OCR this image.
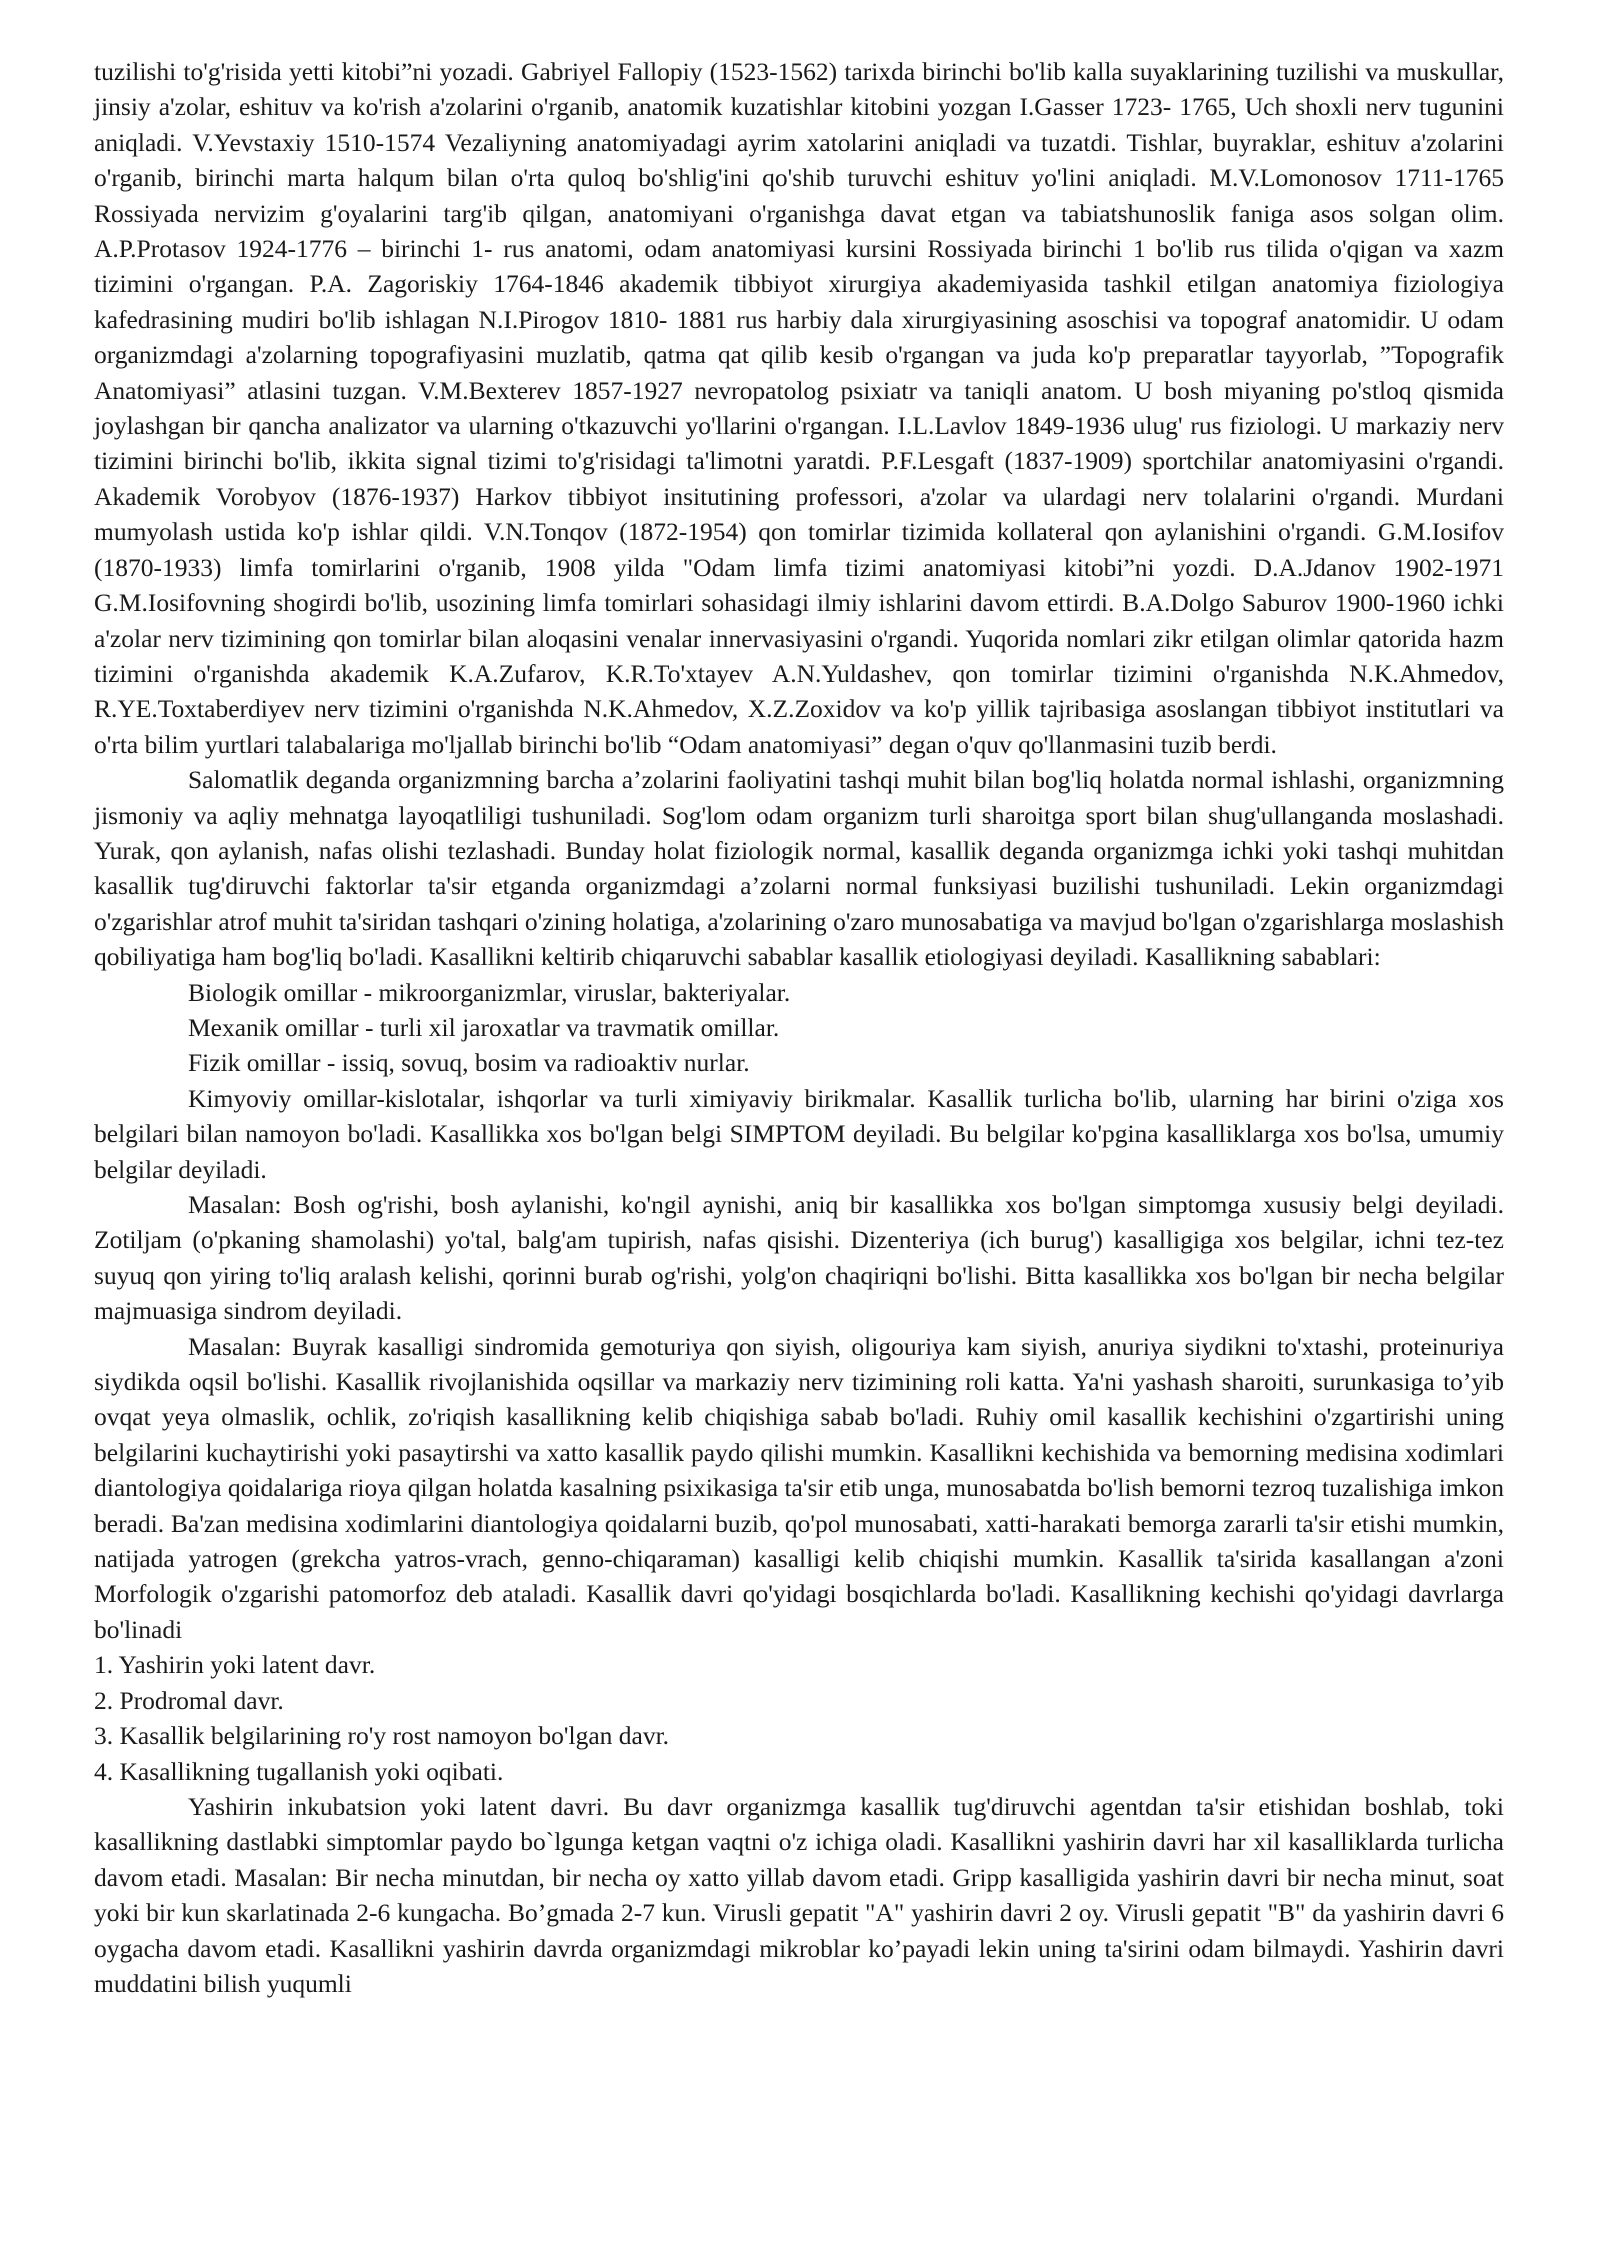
tuzilishi to'g'risida yetti kitobi”ni yozadi. Gabriyel Fallopiy (1523-1562) tarixda birinchi bo'lib kalla suyaklarining tuzilishi va muskullar, jinsiy a'zolar, eshituv va ko'rish a'zolarini o'rganib, anatomik kuzatishlar kitobini yozgan I.Gasser 1723- 1765, Uch shoxli nerv tugunini aniqladi. V.Yevstaxiy 1510-1574 Vezaliyning anatomiyadagi ayrim xatolarini aniqladi va tuzatdi. Tishlar, buyraklar, eshituv a'zolarini o'rganib, birinchi marta halqum bilan o'rta quloq bo'shlig'ini qo'shib turuvchi eshituv yo'lini aniqladi. M.V.Lomonosov 1711-1765 Rossiyada nervizim g'oyalarini targ'ib qilgan, anatomiyani o'rganishga davat etgan va tabiatshunoslik faniga asos solgan olim. A.P.Protasov 1924-1776 – birinchi 1- rus anatomi, odam anatomiyasi kursini Rossiyada birinchi 1 bo'lib rus tilida o'qigan va xazm tizimini o'rgangan. P.A. Zagoriskiy 1764-1846 akademik tibbiyot xirurgiya akademiyasida tashkil etilgan anatomiya fiziologiya kafedrasining mudiri bo'lib ishlagan N.I.Pirogov 1810- 1881 rus harbiy dala xirurgiyasining asoschisi va topograf anatomidir. U odam organizmdagi a'zolarning topografiyasini muzlatib, qatma qat qilib kesib o'rgangan va juda ko'p preparatlar tayyorlab, ”Topografik Anatomiyasi” atlasini tuzgan. V.M.Bexterev 1857-1927 nevropatolog psixiatr va taniqli anatom. U bosh miyaning po'stloq qismida joylashgan bir qancha analizator va ularning o'tkazuvchi yo'llarini o'rgangan. I.L.Lavlov 1849-1936 ulug' rus fiziologi. U markaziy nerv tizimini birinchi bo'lib, ikkita signal tizimi to'g'risidagi ta'limotni yaratdi. P.F.Lesgaft (1837-1909) sportchilar anatomiyasini o'rgandi. Akademik Vorobyov (1876-1937) Harkov tibbiyot insitutining professori, a'zolar va ulardagi nerv tolalarini o'rgandi. Murdani mumyolash ustida ko'p ishlar qildi. V.N.Tonqov (1872-1954) qon tomirlar tizimida kollateral qon aylanishini o'rgandi. G.M.Iosifov (1870-1933) limfa tomirlarini o'rganib, 1908 yilda "Odam limfa tizimi anatomiyasi kitobi”ni yozdi. D.A.Jdanov 1902-1971 G.M.Iosifovning shogirdi bo'lib, usozining limfa tomirlari sohasidagi ilmiy ishlarini davom ettirdi. B.A.Dolgo Saburov 1900-1960 ichki a'zolar nerv tizimining qon tomirlar bilan aloqasini venalar innervasiyasini o'rgandi. Yuqorida nomlari zikr etilgan olimlar qatorida hazm tizimini o'rganishda akademik K.A.Zufarov, K.R.To'xtayev A.N.Yuldashev, qon tomirlar tizimini o'rganishda N.K.Ahmedov, R.YE.Toxtaberdiyev nerv tizimini o'rganishda N.K.Ahmedov, X.Z.Zoxidov va ko'p yillik tajribasiga asoslangan tibbiyot institutlari va o'rta bilim yurtlari talabalariga mo'ljallab birinchi bo'lib “Odam anatomiyasi” degan o'quv qo'llanmasini tuzib berdi.

Salomatlik deganda organizmning barcha a’zolarini faoliyatini tashqi muhit bilan bog'liq holatda normal ishlashi, organizmning jismoniy va aqliy mehnatga layoqatliligi tushuniladi. Sog'lom odam organizm turli sharoitga sport bilan shug'ullanganda moslashadi. Yurak, qon aylanish, nafas olishi tezlashadi. Bunday holat fiziologik normal, kasallik deganda organizmga ichki yoki tashqi muhitdan kasallik tug'diruvchi faktorlar ta'sir etganda organizmdagi a’zolarni normal funksiyasi buzilishi tushuniladi. Lekin organizmdagi o'zgarishlar atrof muhit ta'siridan tashqari o'zining holatiga, a'zolarining o'zaro munosabatiga va mavjud bo'lgan o'zgarishlarga moslashish qobiliyatiga ham bog'liq bo'ladi. Kasallikni keltirib chiqaruvchi sabablar kasallik etiologiyasi deyiladi. Kasallikning sabablari:

Biologik omillar - mikroorganizmlar, viruslar, bakteriyalar.

Mexanik omillar - turli xil jaroxatlar va travmatik omillar.

Fizik omillar - issiq, sovuq, bosim va radioaktiv nurlar.

Kimyoviy omillar-kislotalar, ishqorlar va turli ximiyaviy birikmalar. Kasallik turlicha bo'lib, ularning har birini o'ziga xos belgilari bilan namoyon bo'ladi. Kasallikka xos bo'lgan belgi SIMPTOM deyiladi. Bu belgilar ko'pgina kasalliklarga xos bo'lsa, umumiy belgilar deyiladi.

Masalan: Bosh og'rishi, bosh aylanishi, ko'ngil aynishi, aniq bir kasallikka xos bo'lgan simptomga xususiy belgi deyiladi. Zotiljam (o'pkaning shamolashi) yo'tal, balg'am tupirish, nafas qisishi. Dizenteriya (ich burug') kasalligiga xos belgilar, ichni tez-tez suyuq qon yiring to'liq aralash kelishi, qorinni burab og'rishi, yolg'on chaqiriqni bo'lishi. Bitta kasallikka xos bo'lgan bir necha belgilar majmuasiga sindrom deyiladi.

Masalan: Buyrak kasalligi sindromida gemoturiya qon siyish, oligouriya kam siyish, anuriya siydikni to'xtashi, proteinuriya siydikda oqsil bo'lishi. Kasallik rivojlanishida oqsillar va markaziy nerv tizimining roli katta. Ya'ni yashash sharoiti, surunkasiga to’yib ovqat yeya olmaslik, ochlik, zo'riqish kasallikning kelib chiqishiga sabab bo'ladi. Ruhiy omil kasallik kechishini o'zgartirishi uning belgilarini kuchaytirishi yoki pasaytirshi va xatto kasallik paydo qilishi mumkin. Kasallikni kechishida va bemorning medisina xodimlari diantologiya qoidalariga rioya qilgan holatda kasalning psixikasiga ta'sir etib unga, munosabatda bo'lish bemorni tezroq tuzalishiga imkon beradi. Ba'zan medisina xodimlarini diantologiya qoidalarni buzib, qo'pol munosabati, xatti-harakati bemorga zararli ta'sir etishi mumkin, natijada yatrogen (grekcha yatros-vrach, genno-chiqaraman) kasalligi kelib chiqishi mumkin. Kasallik ta'sirida kasallangan a'zoni Morfologik o'zgarishi patomorfoz deb ataladi. Kasallik davri qo'yidagi bosqichlarda bo'ladi. Kasallikning kechishi qo'yidagi davrlarga bo'linadi

1. Yashirin yoki latent davr.

2. Prodromal davr.

3. Kasallik belgilarining ro'y rost namoyon bo'lgan davr.

4. Kasallikning tugallanish yoki oqibati.

Yashirin inkubatsion yoki latent davri. Bu davr organizmga kasallik tug'diruvchi agentdan ta'sir etishidan boshlab, toki kasallikning dastlabki simptomlar paydo bo`lgunga ketgan vaqtni o'z ichiga oladi. Kasallikni yashirin davri har xil kasalliklarda turlicha davom etadi. Masalan: Bir necha minutdan, bir necha oy xatto yillab davom etadi. Gripp kasalligida yashirin davri bir necha minut, soat yoki bir kun skarlatinada 2-6 kungacha. Bo’gmada 2-7 kun. Virusli gepatit "A" yashirin davri 2 oy. Virusli gepatit "B" da yashirin davri 6 oygacha davom etadi. Kasallikni yashirin davrda organizmdagi mikroblar ko’payadi lekin uning ta'sirini odam bilmaydi. Yashirin davri muddatini bilish yuqumli
